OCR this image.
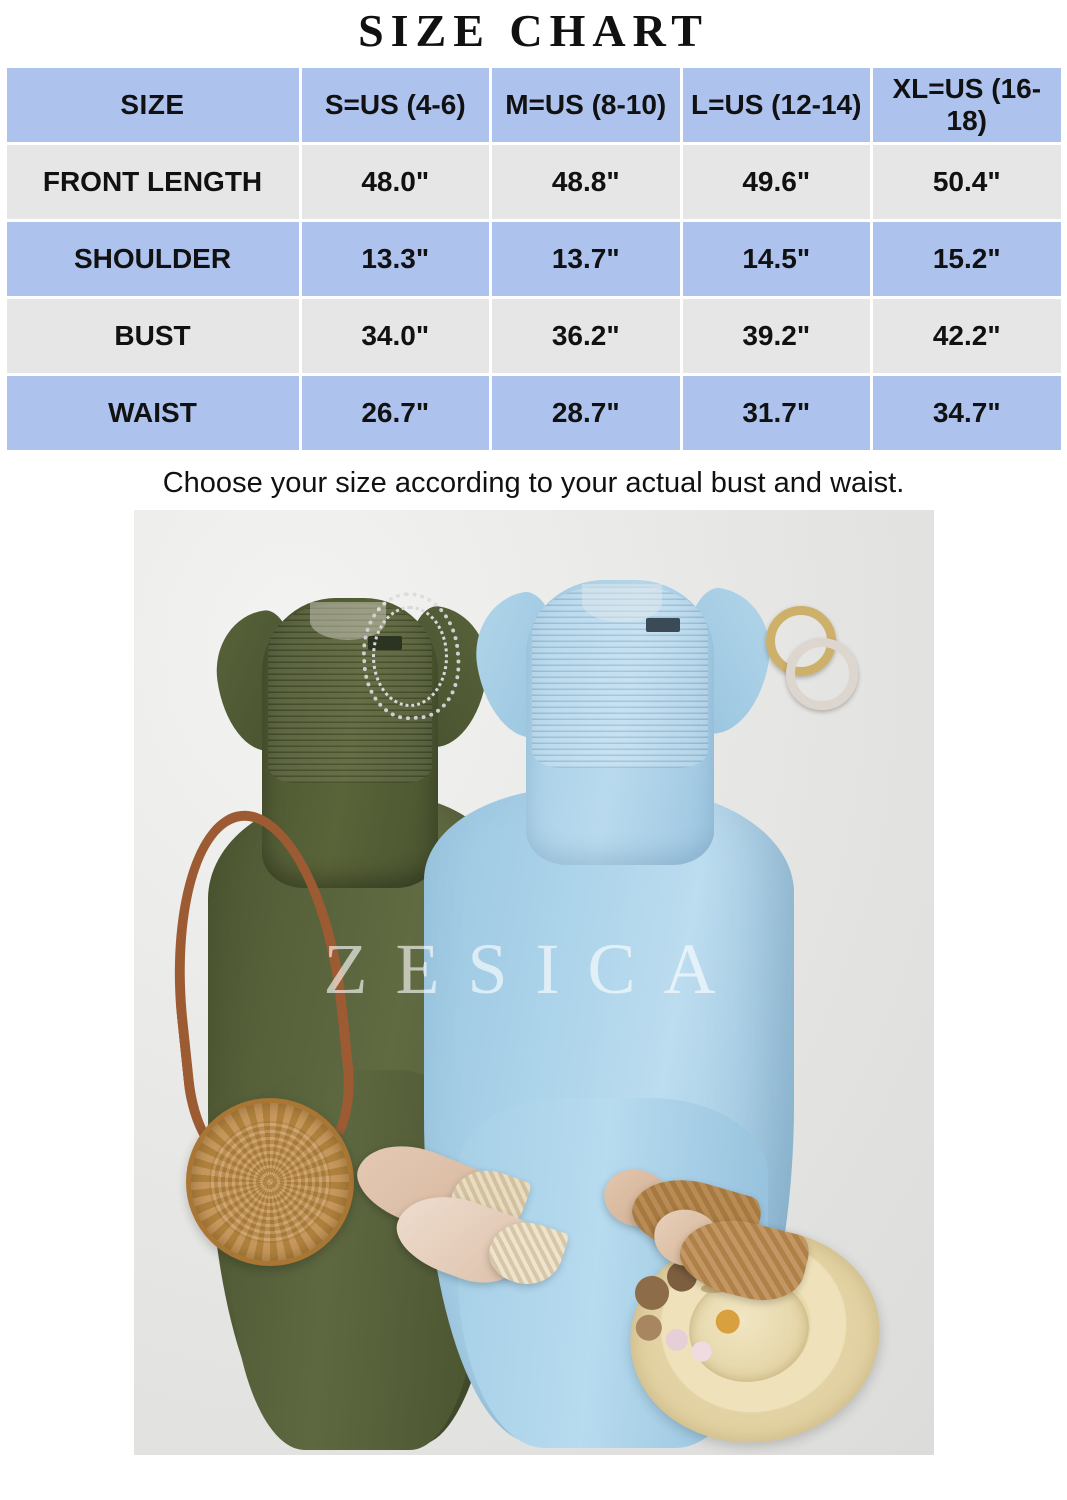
SIZE CHART
SIZE	S=US (4-6)	M=US (8-10)	L=US (12-14)	XL=US (16-18)
FRONT LENGTH	48.0"	48.8"	49.6"	50.4"
SHOULDER	13.3"	13.7"	14.5"	15.2"
BUST	34.0"	36.2"	39.2"	42.2"
WAIST	26.7"	28.7"	31.7"	34.7"
Choose your size according to your actual bust and waist.
ZESICA
